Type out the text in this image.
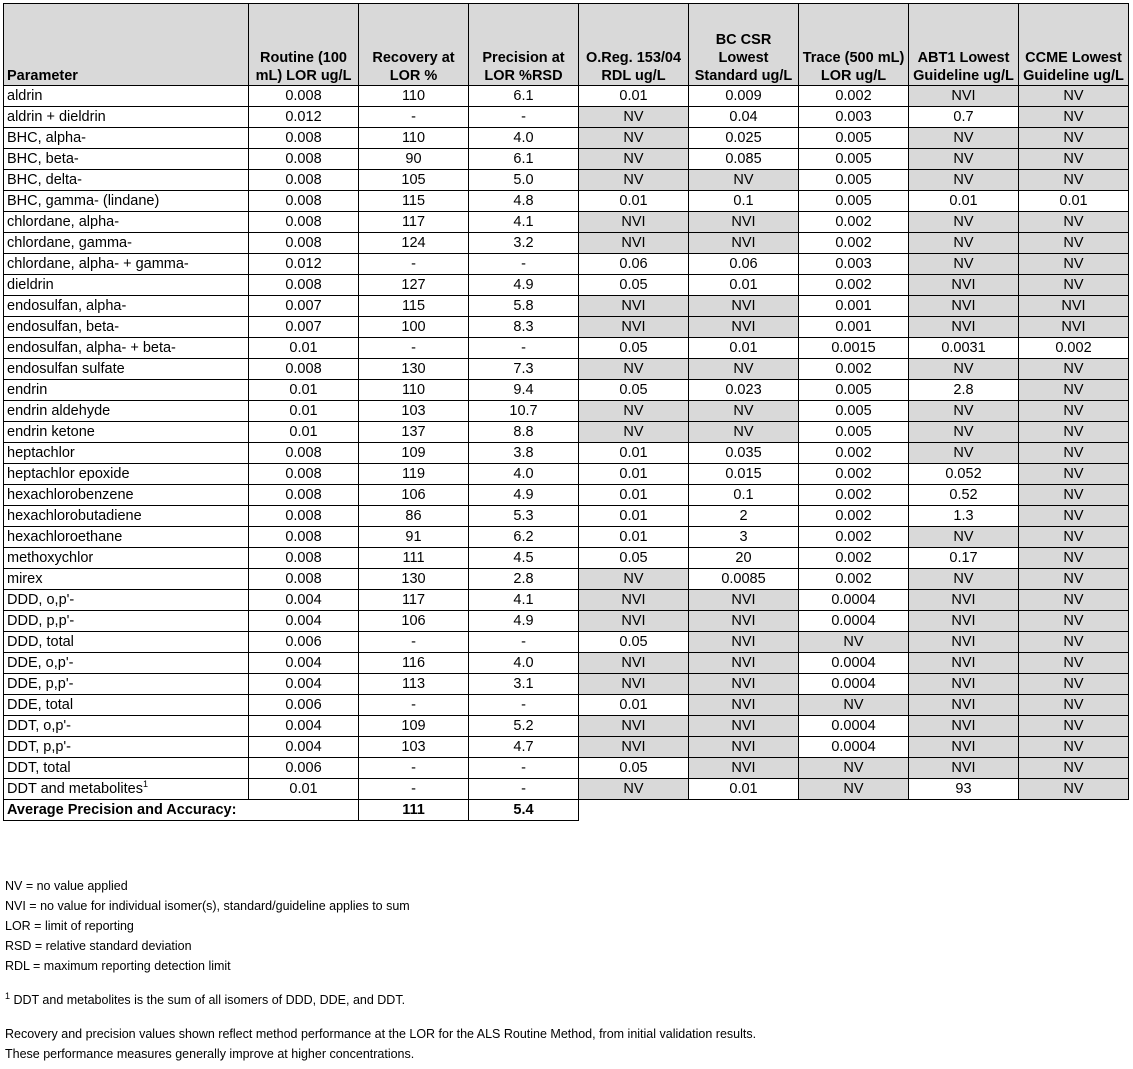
Parameter	Routine (100 mL) LOR ug/L	Recovery at LOR %	Precision at LOR %RSD	O.Reg. 153/04 RDL ug/L	BC CSR Lowest Standard ug/L	Trace (500 mL) LOR ug/L	ABT1 Lowest Guideline ug/L	CCME Lowest Guideline ug/L
aldrin	0.008	110	6.1	0.01	0.009	0.002	NVI	NV
aldrin + dieldrin	0.012	-	-	NV	0.04	0.003	0.7	NV
BHC, alpha-	0.008	110	4.0	NV	0.025	0.005	NV	NV
BHC, beta-	0.008	90	6.1	NV	0.085	0.005	NV	NV
BHC, delta-	0.008	105	5.0	NV	NV	0.005	NV	NV
BHC, gamma- (lindane)	0.008	115	4.8	0.01	0.1	0.005	0.01	0.01
chlordane, alpha-	0.008	117	4.1	NVI	NVI	0.002	NV	NV
chlordane, gamma-	0.008	124	3.2	NVI	NVI	0.002	NV	NV
chlordane, alpha- + gamma-	0.012	-	-	0.06	0.06	0.003	NV	NV
dieldrin	0.008	127	4.9	0.05	0.01	0.002	NVI	NV
endosulfan, alpha-	0.007	115	5.8	NVI	NVI	0.001	NVI	NVI
endosulfan, beta-	0.007	100	8.3	NVI	NVI	0.001	NVI	NVI
endosulfan, alpha- + beta-	0.01	-	-	0.05	0.01	0.0015	0.0031	0.002
endosulfan sulfate	0.008	130	7.3	NV	NV	0.002	NV	NV
endrin	0.01	110	9.4	0.05	0.023	0.005	2.8	NV
endrin aldehyde	0.01	103	10.7	NV	NV	0.005	NV	NV
endrin ketone	0.01	137	8.8	NV	NV	0.005	NV	NV
heptachlor	0.008	109	3.8	0.01	0.035	0.002	NV	NV
heptachlor epoxide	0.008	119	4.0	0.01	0.015	0.002	0.052	NV
hexachlorobenzene	0.008	106	4.9	0.01	0.1	0.002	0.52	NV
hexachlorobutadiene	0.008	86	5.3	0.01	2	0.002	1.3	NV
hexachloroethane	0.008	91	6.2	0.01	3	0.002	NV	NV
methoxychlor	0.008	111	4.5	0.05	20	0.002	0.17	NV
mirex	0.008	130	2.8	NV	0.0085	0.002	NV	NV
DDD, o,p'-	0.004	117	4.1	NVI	NVI	0.0004	NVI	NV
DDD, p,p'-	0.004	106	4.9	NVI	NVI	0.0004	NVI	NV
DDD, total	0.006	-	-	0.05	NVI	NV	NVI	NV
DDE, o,p'-	0.004	116	4.0	NVI	NVI	0.0004	NVI	NV
DDE, p,p'-	0.004	113	3.1	NVI	NVI	0.0004	NVI	NV
DDE, total	0.006	-	-	0.01	NVI	NV	NVI	NV
DDT, o,p'-	0.004	109	5.2	NVI	NVI	0.0004	NVI	NV
DDT, p,p'-	0.004	103	4.7	NVI	NVI	0.0004	NVI	NV
DDT, total	0.006	-	-	0.05	NVI	NV	NVI	NV
DDT and metabolites$^1$	0.01	-	-	NV	0.01	NV	93	NV
Average Precision and Accuracy:		111	5.4					

NV = no value applied

NVI = no value for individual isomer(s), standard/guideline applies to sum

LOR = limit of reporting

RSD = relative standard deviation

RDL = maximum reporting detection limit

$^1$ DDT and metabolites is the sum of all isomers of DDD, DDE, and DDT.

Recovery and precision values shown reflect method performance at the LOR for the ALS Routine Method, from initial validation results.

These performance measures generally improve at higher concentrations.
